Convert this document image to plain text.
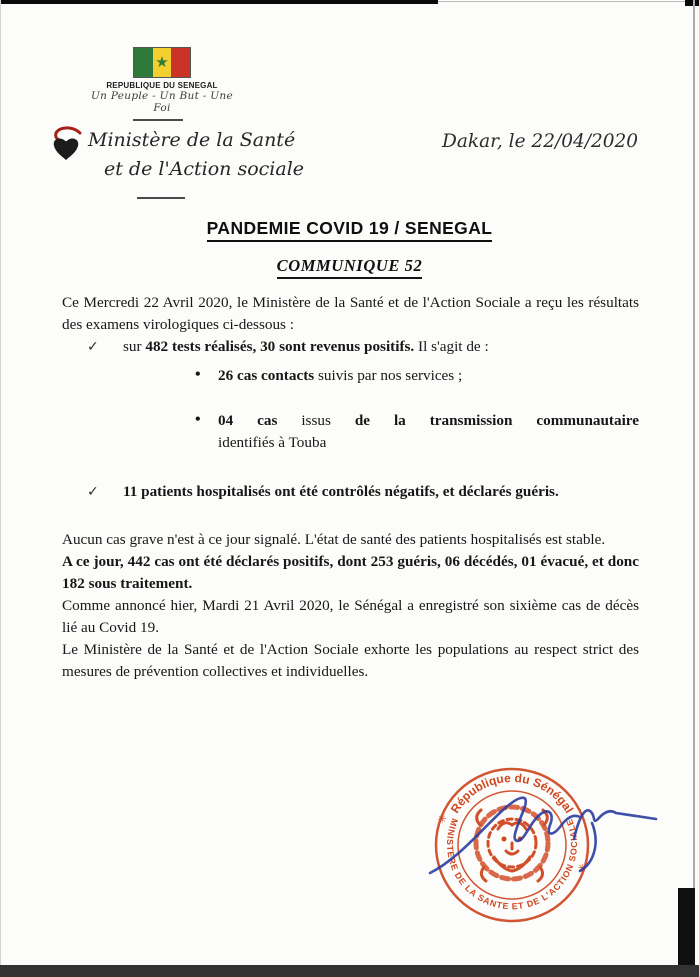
★
REPUBLIQUE DU SENEGAL
Un Peuple - Un But - Une Foi
Ministère de la Santé
et de l'Action sociale
Dakar, le 22/04/2020
PANDEMIE COVID 19 / SENEGAL
COMMUNIQUE 52

Ce Mercredi 22 Avril 2020, le Ministère de la Santé et de l'Action Sociale a reçu les résultats des examens virologiques ci-dessous :

✓ sur 482 tests réalisés, 30 sont revenus positifs. Il s'agit de :
• 26 cas contacts suivis par nos services ;
• 04 cas issus de la transmission communautaire
identifiés à Touba
✓ 11 patients hospitalisés ont été contrôlés négatifs, et déclarés guéris.

Aucun cas grave n'est à ce jour signalé. L'état de santé des patients hospitalisés est stable.

A ce jour, 442 cas ont été déclarés positifs, dont 253 guéris, 06 décédés, 01 évacué, et donc 182 sous traitement.

Comme annoncé hier, Mardi 21 Avril 2020, le Sénégal a enregistré son sixième cas de décès lié au Covid 19.

Le Ministère de la Santé et de l'Action Sociale exhorte les populations au respect strict des mesures de prévention collectives et individuelles.

République du Sénégal
MINISTERE DE LA SANTE ET DE L'ACTION SOCIALE
✳
✳
